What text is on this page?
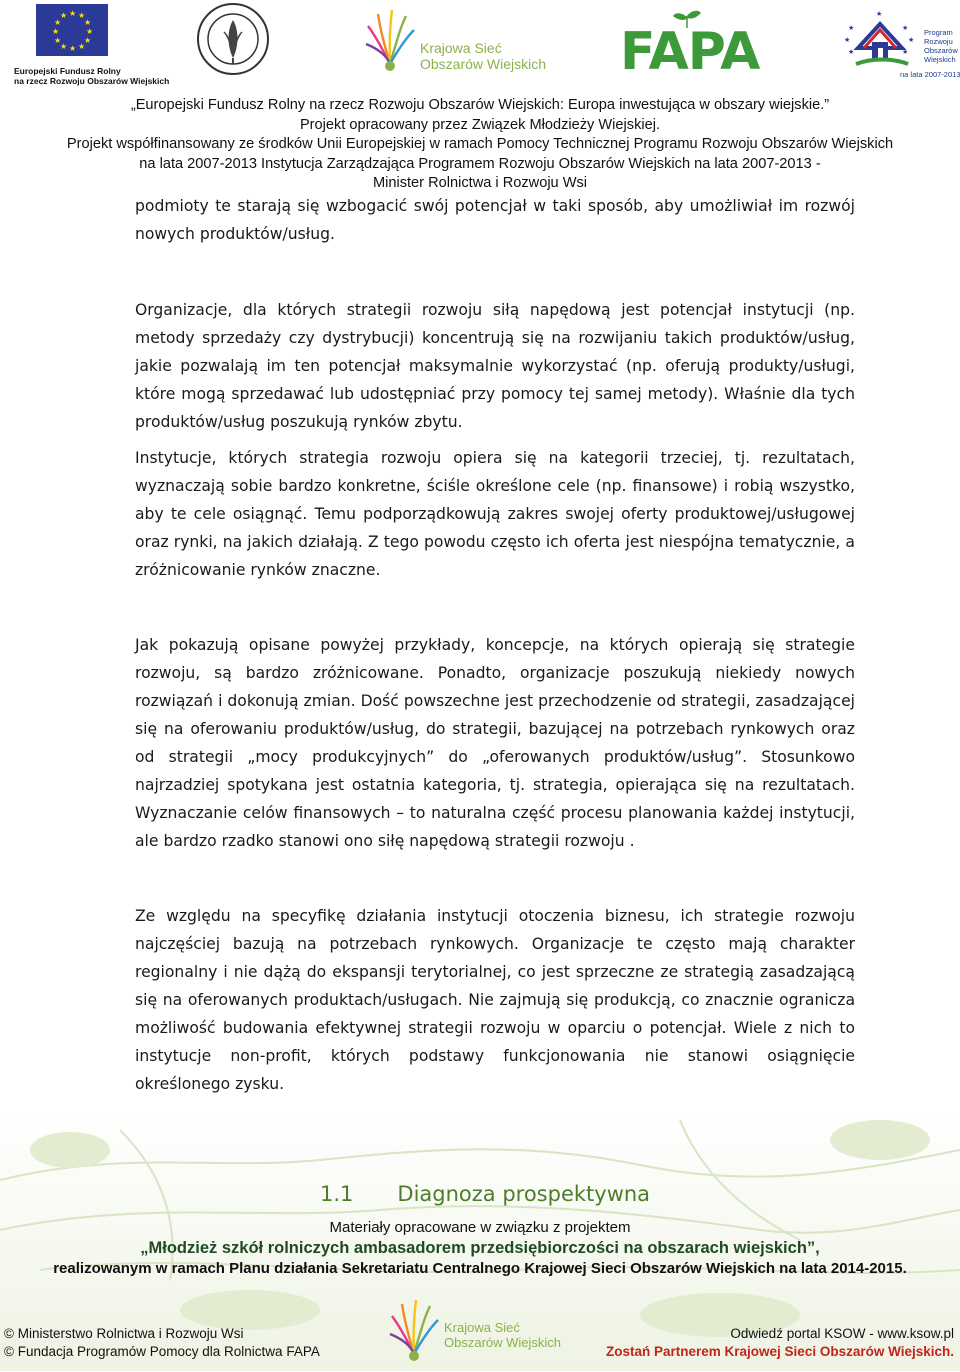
★ ★
★
★
★
★
★
★
★
★
★
★
Europejski Fundusz Rolny
na rzecz Rozwoju Obszarów Wiejskich
Krajowa Sieć
Obszarów Wiejskich FAPA	★
★
★
★
★
★
★
Program
Rozwoju
Obszarów
Wiejskich
na lata 2007-2013
„Europejski Fundusz Rolny na rzecz Rozwoju Obszarów Wiejskich: Europa inwestująca w obszary wiejskie.”
Projekt opracowany przez Związek Młodzieży Wiejskiej.
Projekt współfinansowany ze środków Unii Europejskiej w ramach Pomocy Technicznej Programu Rozwoju Obszarów Wiejskich
na lata 2007-2013 Instytucja Zarządzająca Programem Rozwoju Obszarów Wiejskich na lata 2007-2013 -
Minister Rolnictwa i Rozwoju Wsi

podmioty te starają się wzbogacić swój potencjał w taki sposób, aby umożliwiał im rozwój nowych produktów/usług.

Organizacje, dla których strategii rozwoju siłą napędową jest potencjał instytucji (np. metody sprzedaży czy dystrybucji) koncentrują się na rozwijaniu takich produktów/usług, jakie pozwalają im ten potencjał maksymalnie wykorzystać (np. oferują produkty/usługi, które mogą sprzedawać lub udostępniać przy pomocy tej samej metody). Właśnie dla tych produktów/usług poszukują rynków zbytu.

Instytucje, których strategia rozwoju opiera się na kategorii trzeciej, tj. rezultatach, wyznaczają sobie bardzo konkretne, ściśle określone cele (np. finansowe) i robią wszystko, aby te cele osiągnąć. Temu podporządkowują zakres swojej oferty produktowej/usługowej oraz rynki, na jakich działają. Z tego powodu często ich oferta jest niespójna tematycznie, a zróżnicowanie rynków znaczne.

Jak pokazują opisane powyżej przykłady, koncepcje, na których opierają się strategie rozwoju, są bardzo zróżnicowane. Ponadto, organizacje poszukują niekiedy nowych rozwiązań i dokonują zmian. Dość powszechne jest przechodzenie od strategii, zasadzającej się na oferowaniu produktów/usług, do strategii, bazującej na potrzebach rynkowych oraz od strategii „mocy produkcyjnych” do „oferowanych produktów/usług”. Stosunkowo najrzadziej spotykana jest ostatnia kategoria, tj. strategia, opierająca się na rezultatach. Wyznaczanie celów finansowych – to naturalna część procesu planowania każdej instytucji, ale bardzo rzadko stanowi ono siłę napędową strategii rozwoju .

Ze względu na specyfikę działania instytucji otoczenia biznesu, ich strategie rozwoju najczęściej bazują na potrzebach rynkowych. Organizacje te często mają charakter regionalny i nie dążą do ekspansji terytorialnej, co jest sprzeczne ze strategią zasadzającą się na oferowanych produktach/usługach. Nie zajmują się produkcją, co znacznie ogranicza możliwość budowania efektywnej strategii rozwoju w oparciu o potencjał. Wiele z nich to instytucje non-profit, których podstawy funkcjonowania nie stanowi osiągnięcie określonego zysku.

1.1 Diagnoza prospektywna
Materiały opracowane w związku z projektem
„Młodzież szkół rolniczych ambasadorem przedsiębiorczości na obszarach wiejskich”,
realizowanym w ramach Planu działania Sekretariatu Centralnego Krajowej Sieci Obszarów Wiejskich na lata 2014-2015.
Krajowa Sieć
Obszarów Wiejskich
© Ministerstwo Rolnictwa i Rozwoju Wsi
© Fundacja Programów Pomocy dla Rolnictwa FAPA
Odwiedź portal KSOW - www.ksow.pl
Zostań Partnerem Krajowej Sieci Obszarów Wiejskich.
